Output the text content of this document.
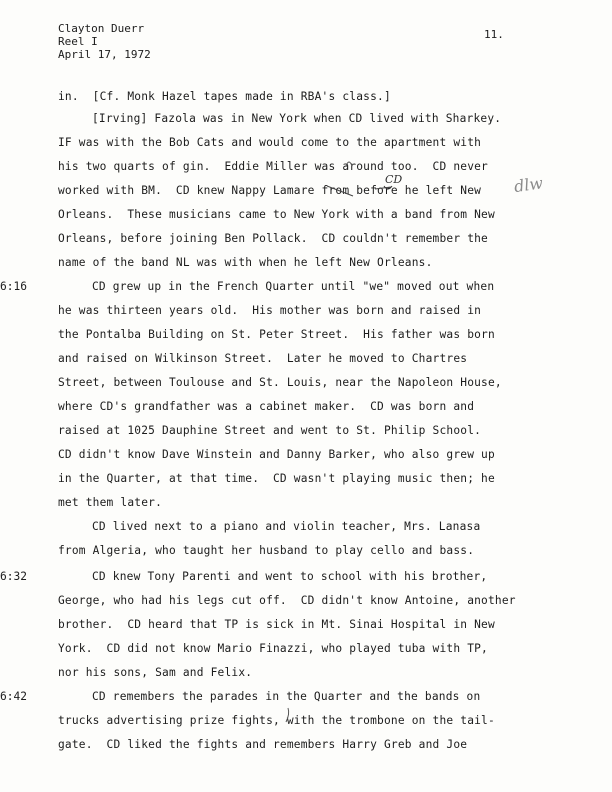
Clayton Duerr
Reel I
April 17, 1972
11.
in.  [Cf. Monk Hazel tapes made in RBA's class.]
[Irving] Fazola was in New York when CD lived with Sharkey.
IF was with the Bob Cats and would come to the apartment with
his two quarts of gin.  Eddie Miller was around too.  CD never
worked with BM.  CD knew Nappy Lamare from before he left New
Orleans.  These musicians came to New York with a band from New
Orleans, before joining Ben Pollack.  CD couldn't remember the
name of the band NL was with when he left New Orleans.
6:16	CD grew up in the French Quarter until "we" moved out when
he was thirteen years old.  His mother was born and raised in
the Pontalba Building on St. Peter Street.  His father was born
and raised on Wilkinson Street.  Later he moved to Chartres
Street, between Toulouse and St. Louis, near the Napoleon House,
where CD's grandfather was a cabinet maker.  CD was born and
raised at 1025 Dauphine Street and went to St. Philip School.
CD didn't know Dave Winstein and Danny Barker, who also grew up
in the Quarter, at that time.  CD wasn't playing music then; he
met them later.
CD lived next to a piano and violin teacher, Mrs. Lanasa
from Algeria, who taught her husband to play cello and bass.
6:32	CD knew Tony Parenti and went to school with his brother,
George, who had his legs cut off.  CD didn't know Antoine, another
brother.  CD heard that TP is sick in Mt. Sinai Hospital in New
York.  CD did not know Mario Finazzi, who played tuba with TP,
nor his sons, Sam and Felix.
6:42	CD remembers the parades in the Quarter and the bands on
trucks advertising prize fights, with the trombone on the tail-
gate.  CD liked the fights and remembers Harry Greb and Joe
CD	dlw
